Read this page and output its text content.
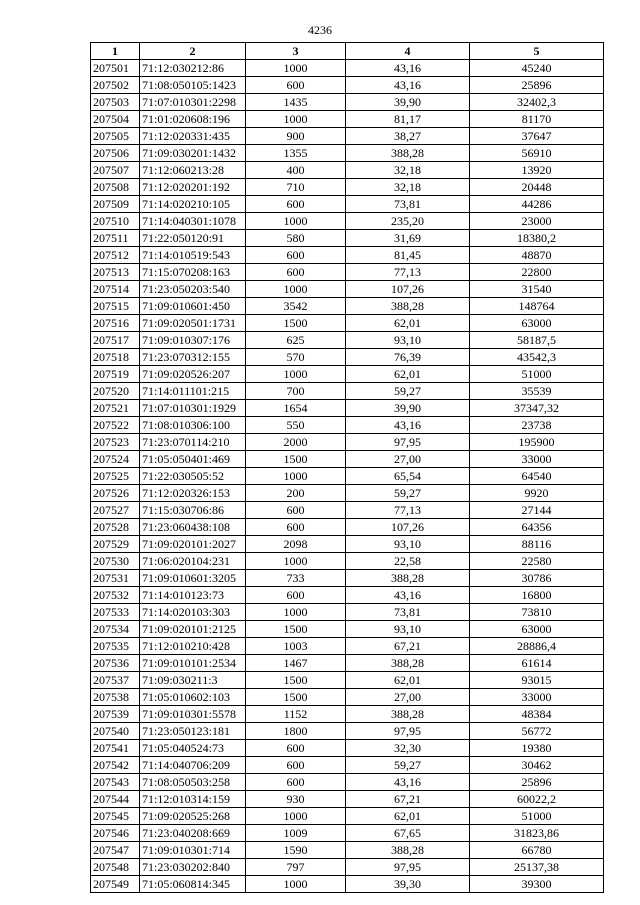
4236
1	2	3	4	5
207501	71:12:030212:86	1000	43,16	45240
207502	71:08:050105:1423	600	43,16	25896
207503	71:07:010301:2298	1435	39,90	32402,3
207504	71:01:020608:196	1000	81,17	81170
207505	71:12:020331:435	900	38,27	37647
207506	71:09:030201:1432	1355	388,28	56910
207507	71:12:060213:28	400	32,18	13920
207508	71:12:020201:192	710	32,18	20448
207509	71:14:020210:105	600	73,81	44286
207510	71:14:040301:1078	1000	235,20	23000
207511	71:22:050120:91	580	31,69	18380,2
207512	71:14:010519:543	600	81,45	48870
207513	71:15:070208:163	600	77,13	22800
207514	71:23:050203:540	1000	107,26	31540
207515	71:09:010601:450	3542	388,28	148764
207516	71:09:020501:1731	1500	62,01	63000
207517	71:09:010307:176	625	93,10	58187,5
207518	71:23:070312:155	570	76,39	43542,3
207519	71:09:020526:207	1000	62,01	51000
207520	71:14:011101:215	700	59,27	35539
207521	71:07:010301:1929	1654	39,90	37347,32
207522	71:08:010306:100	550	43,16	23738
207523	71:23:070114:210	2000	97,95	195900
207524	71:05:050401:469	1500	27,00	33000
207525	71:22:030505:52	1000	65,54	64540
207526	71:12:020326:153	200	59,27	9920
207527	71:15:030706:86	600	77,13	27144
207528	71:23:060438:108	600	107,26	64356
207529	71:09:020101:2027	2098	93,10	88116
207530	71:06:020104:231	1000	22,58	22580
207531	71:09:010601:3205	733	388,28	30786
207532	71:14:010123:73	600	43,16	16800
207533	71:14:020103:303	1000	73,81	73810
207534	71:09:020101:2125	1500	93,10	63000
207535	71:12:010210:428	1003	67,21	28886,4
207536	71:09:010101:2534	1467	388,28	61614
207537	71:09:030211:3	1500	62,01	93015
207538	71:05:010602:103	1500	27,00	33000
207539	71:09:010301:5578	1152	388,28	48384
207540	71:23:050123:181	1800	97,95	56772
207541	71:05:040524:73	600	32,30	19380
207542	71:14:040706:209	600	59,27	30462
207543	71:08:050503:258	600	43,16	25896
207544	71:12:010314:159	930	67,21	60022,2
207545	71:09:020525:268	1000	62,01	51000
207546	71:23:040208:669	1009	67,65	31823,86
207547	71:09:010301:714	1590	388,28	66780
207548	71:23:030202:840	797	97,95	25137,38
207549	71:05:060814:345	1000	39,30	39300
